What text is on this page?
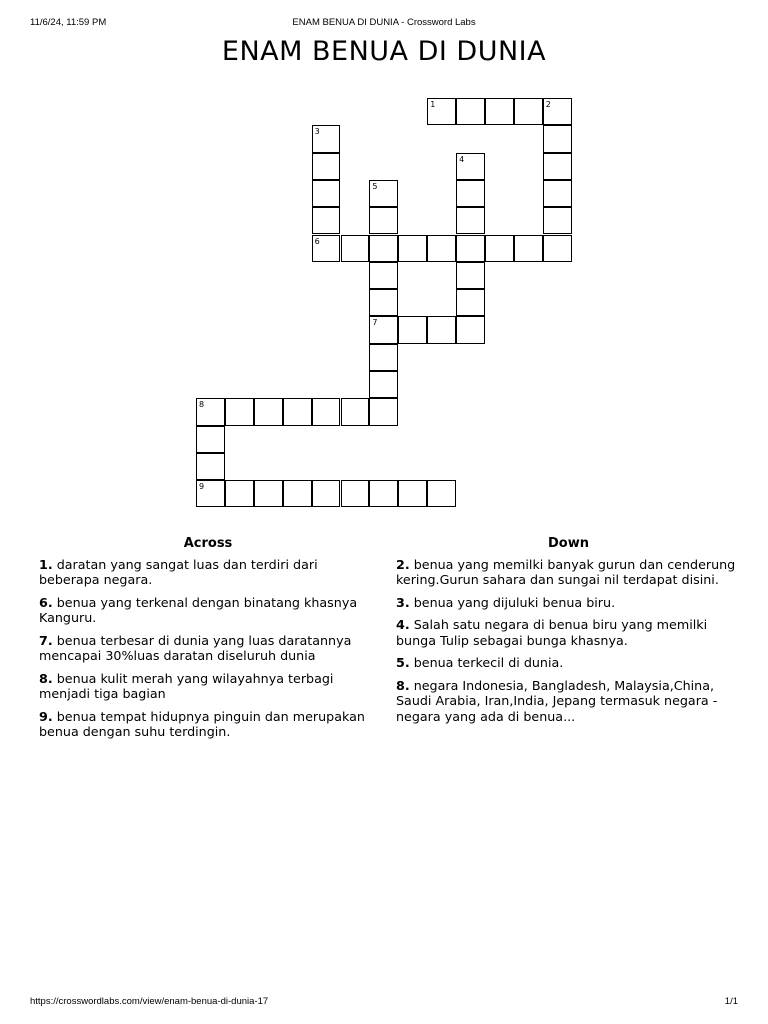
11/6/24, 11:59 PM	ENAM BENUA DI DUNIA - Crossword Labs
ENAM BENUA DI DUNIA
1	2
3
6
4
5
7
8
9
Across
1. daratan yang sangat luas dan terdiri dari beberapa negara.
6. benua yang terkenal dengan binatang khasnya Kanguru.
7. benua terbesar di dunia yang luas daratannya mencapai 30%luas daratan diseluruh dunia
8. benua kulit merah yang wilayahnya terbagi menjadi tiga bagian
9. benua tempat hidupnya pinguin dan merupakan benua dengan suhu terdingin.
Down
2. benua yang memilki banyak gurun dan cenderung kering.Gurun sahara dan sungai nil terdapat disini.
3. benua yang dijuluki benua biru.
4. Salah satu negara di benua biru yang memilki bunga Tulip sebagai bunga khasnya.
5. benua terkecil di dunia.
8. negara Indonesia, Bangladesh, Malaysia,China, Saudi Arabia, Iran,India, Jepang termasuk negara - negara yang ada di benua...
https://crosswordlabs.com/view/enam-benua-di-dunia-17	1/1
